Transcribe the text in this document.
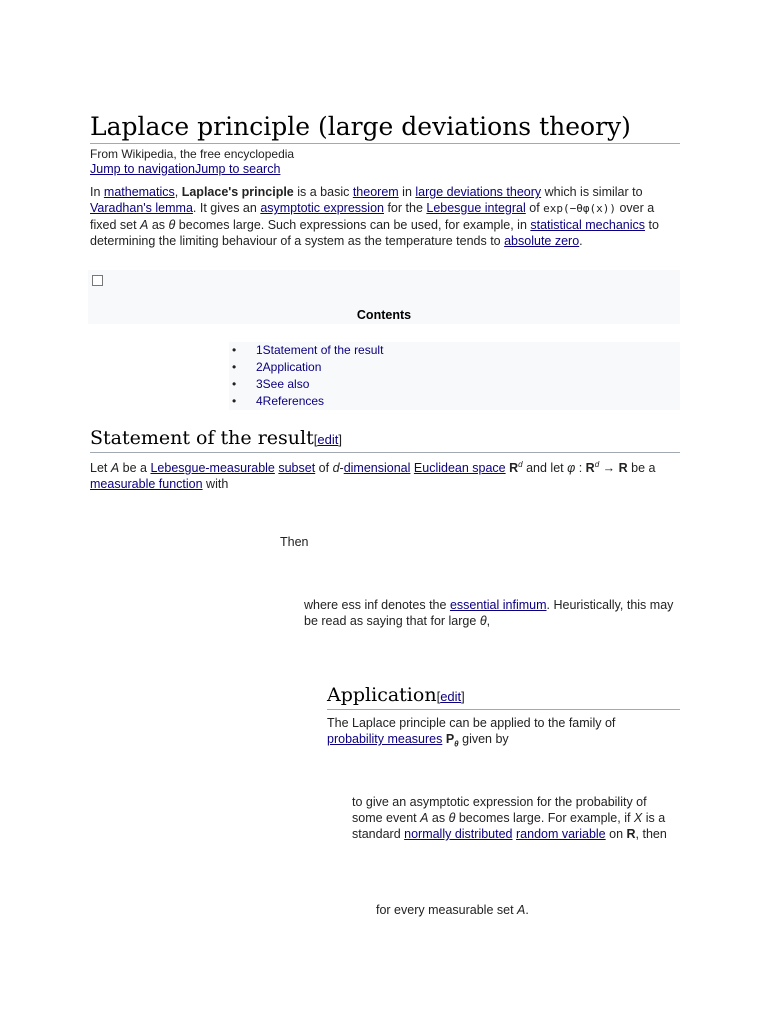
Laplace principle (large deviations theory)
From Wikipedia, the free encyclopedia
Jump to navigationJump to search
In mathematics, Laplace's principle is a basic theorem in large deviations theory which is similar to Varadhan's lemma. It gives an asymptotic expression for the Lebesgue integral of exp(−θφ(x)) over a fixed set A as θ becomes large. Such expressions can be used, for example, in statistical mechanics to determining the limiting behaviour of a system as the temperature tends to absolute zero.
Contents
• 1Statement of the result
• 2Application
• 3See also
• 4References
Statement of the result[edit]
Let A be a Lebesgue-measurable subset of d-dimensional Euclidean space $R^d$ and let φ : $R^d \to R$ be a measurable function with
Then
where ess inf denotes the essential infimum. Heuristically, this may be read as saying that for large θ,
Application[edit]
The Laplace principle can be applied to the family of probability measures $P_\theta$ given by
to give an asymptotic expression for the probability of some event A as θ becomes large. For example, if X is a standard normally distributed random variable on R, then
for every measurable set A.
